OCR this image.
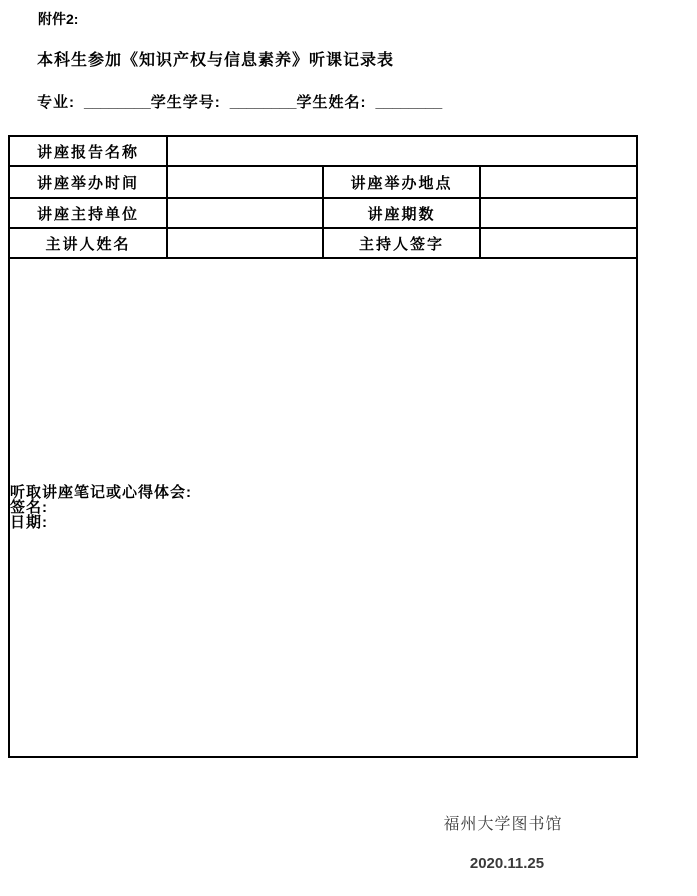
附件2:
本科生参加《知识产权与信息素养》听课记录表
专业: ________学生学号: ________学生姓名: ________
讲座报告名称			
讲座举办时间		讲座举办地点	
讲座主持单位		讲座期数	
主讲人姓名		主持人签字	

听取讲座笔记或心得体会:
签名:
日期:			
福州大学图书馆
2020.11.25
